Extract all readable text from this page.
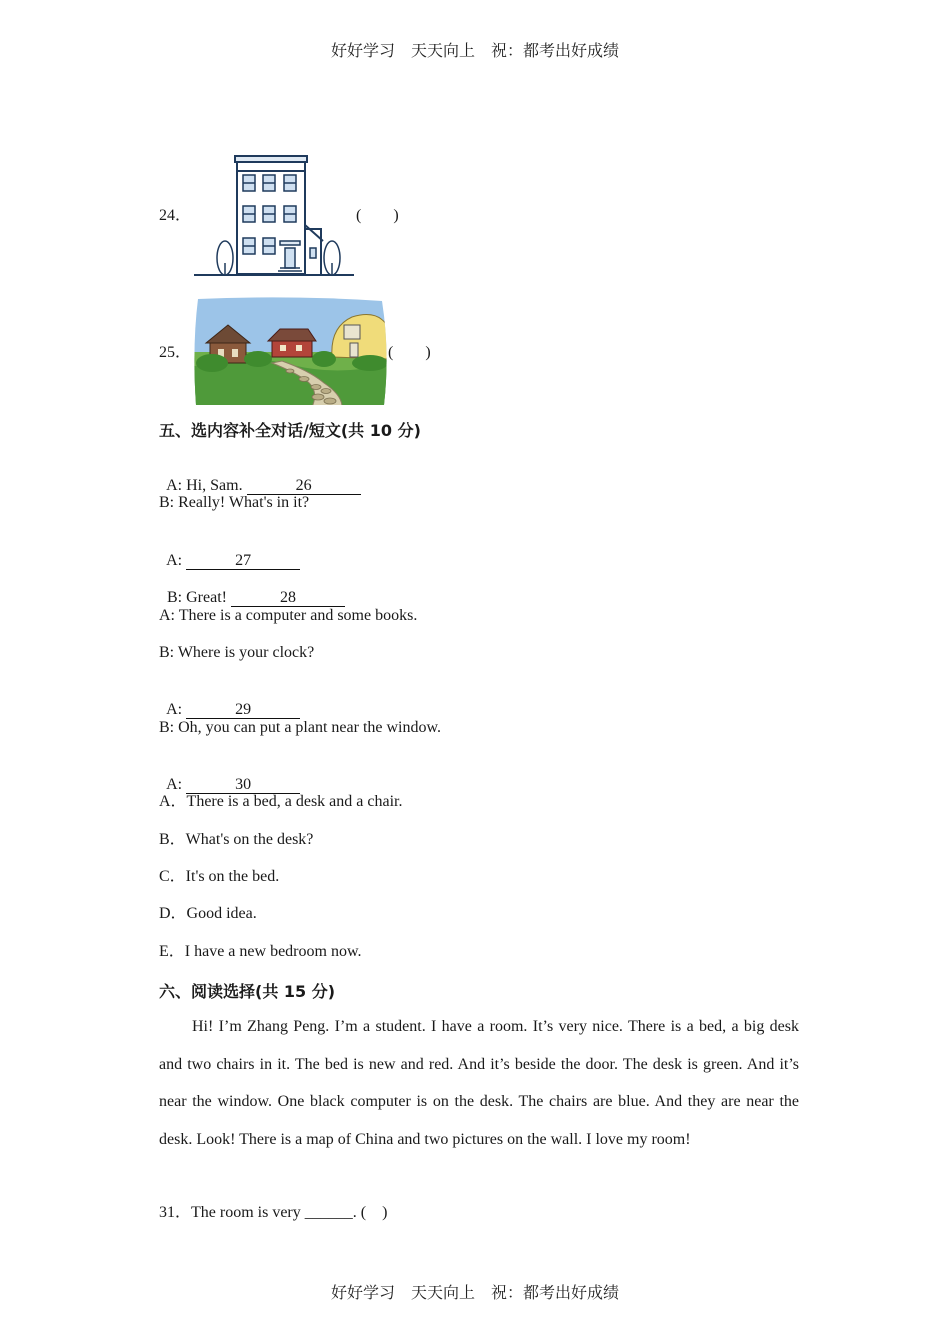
好好学习　天天向上　祝：都考出好成绩
24．	(　　)
25．	(　　)
五、选内容补全对话/短文(共 10 分)

A: Hi, Sam.	26

B: Really! What's in it?

A:	27

B: Great!	28

A: There is a computer and some books.
B: Where is your clock?

A:	29

B: Oh, you can put a plant near the window.

A:	30

A．There is a bed, a desk and a chair.
B．What's on the desk?
C．It's on the bed.
D．Good idea.
E．I have a new bedroom now.
六、阅读选择(共 15 分)
Hi! I’m Zhang Peng. I’m a student. I have a room. It’s very nice. There is a bed, a big desk and two chairs in it. The bed is new and red. And it’s beside the door. The desk is green. And it’s near the window. One black computer is on the desk. The chairs are blue. And they are near the desk. Look! There is a map of China and two pictures on the wall. I love my room!
31．The room is very ______. (　)
好好学习　天天向上　祝：都考出好成绩
